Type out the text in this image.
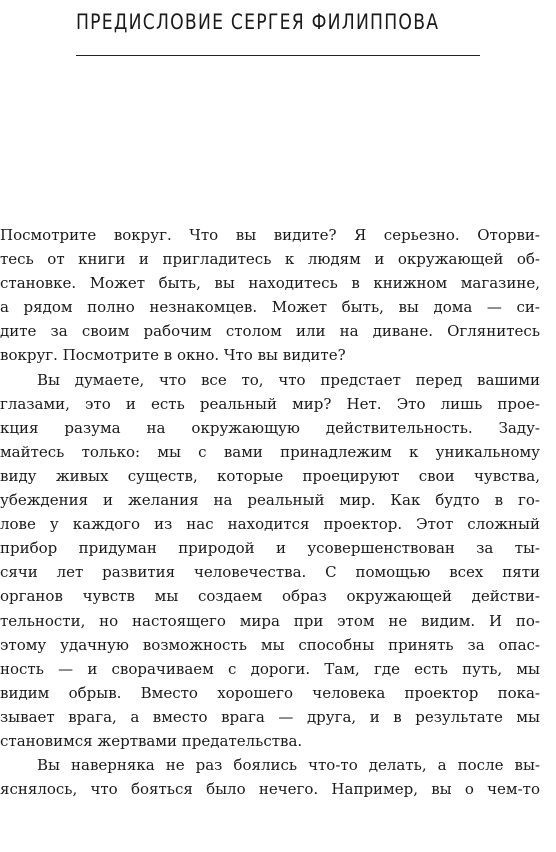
ПРЕДИСЛОВИЕ СЕРГЕЯ ФИЛИППОВА
Посмотрите вокруг. Что вы видите? Я серьезно. Оторви-
тесь от книги и пригладитесь к людям и окружающей об-
становке. Может быть, вы находитесь в книжном магазине,
а рядом полно незнакомцев. Может быть, вы дома — си-
дите за своим рабочим столом или на диване. Оглянитесь
вокруг. Посмотрите в окно. Что вы видите?
Вы думаете, что все то, что предстает перед вашими
глазами, это и есть реальный мир? Нет. Это лишь прое-
кция разума на окружающую действительность. Заду-
майтесь только: мы с вами принадлежим к уникальному
виду живых существ, которые проецируют свои чувства,
убеждения и желания на реальный мир. Как будто в го-
лове у каждого из нас находится проектор. Этот сложный
прибор придуман природой и усовершенствован за ты-
сячи лет развития человечества. С помощью всех пяти
органов чувств мы создаем образ окружающей действи-
тельности, но настоящего мира при этом не видим. И по-
этому удачную возможность мы способны принять за опас-
ность — и сворачиваем с дороги. Там, где есть путь, мы
видим обрыв. Вместо хорошего человека проектор пока-
зывает врага, а вместо врага — друга, и в результате мы
становимся жертвами предательства.
Вы наверняка не раз боялись что-то делать, а после вы-
яснялось, что бояться было нечего. Например, вы о чем-то
